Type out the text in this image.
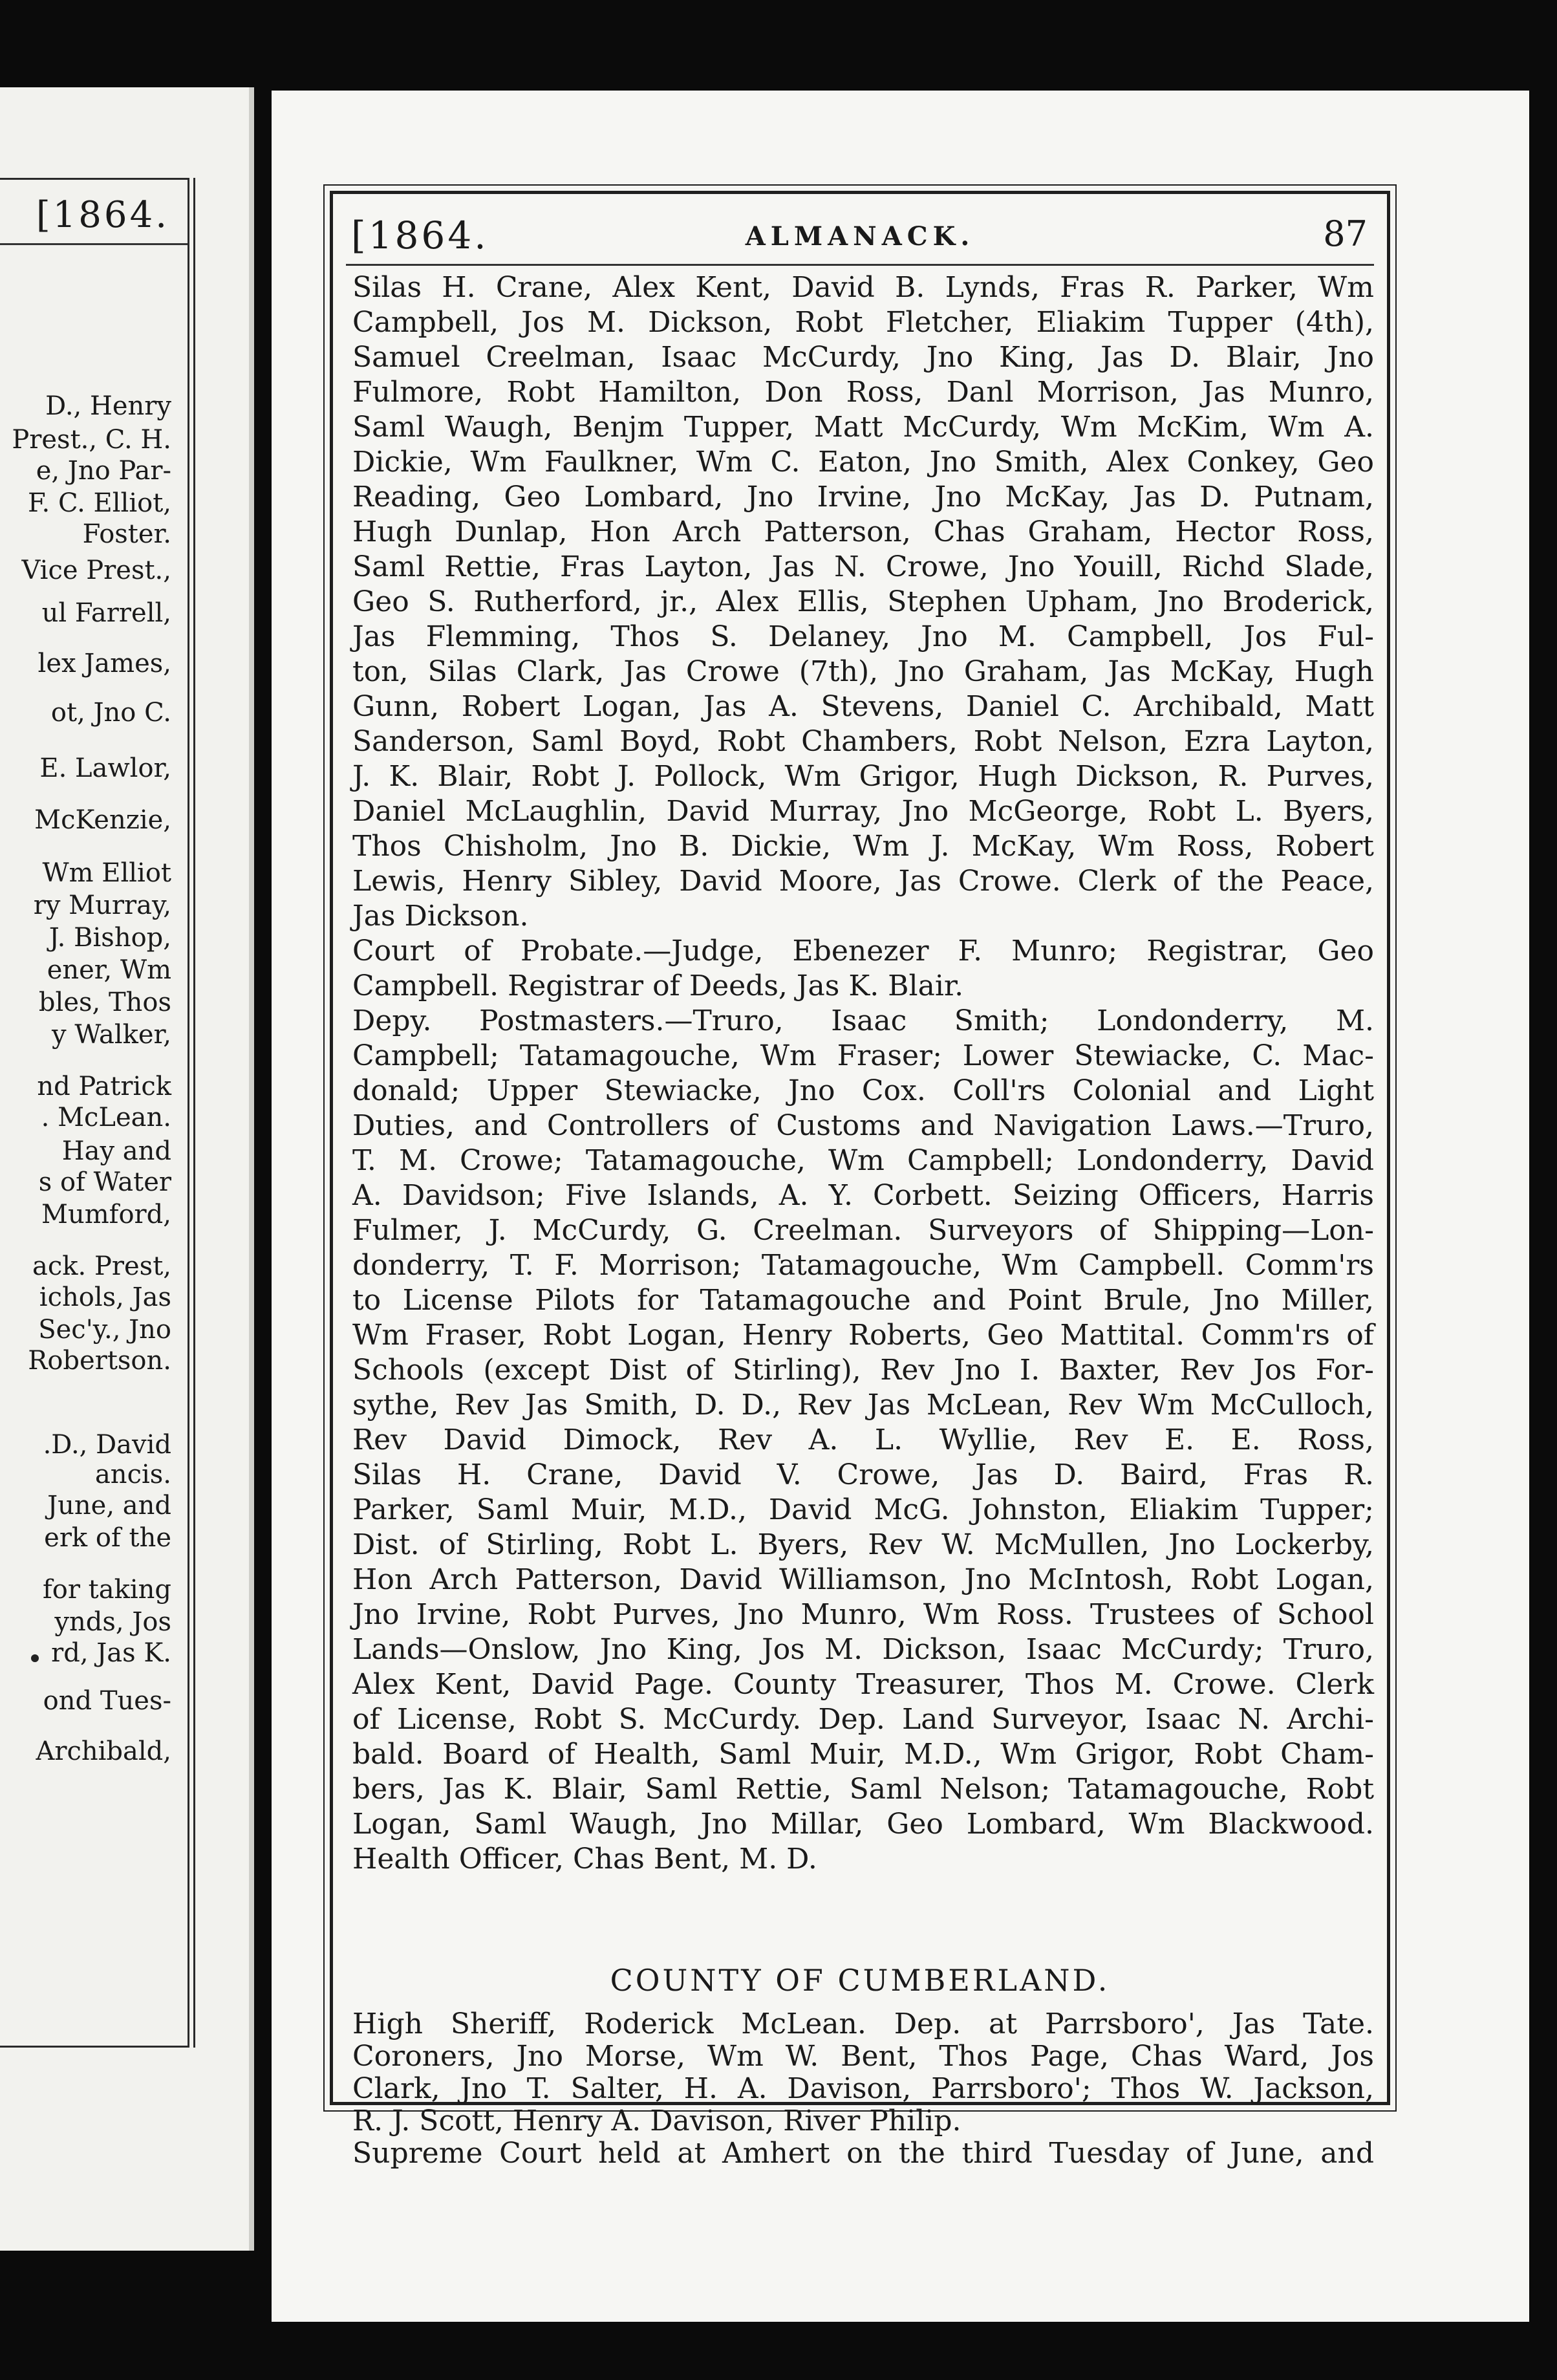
[1864.
D., Henry
Prest., C. H.
e, Jno Par-
F. C. Elliot,
Foster.
Vice Prest.,
ul Farrell,
lex James,
ot, Jno C.
E. Lawlor,
McKenzie,
Wm Elliot
ry Murray,
J. Bishop,
ener, Wm
bles, Thos
y Walker,
nd Patrick
. McLean.
Hay and
s of Water
Mumford,
ack. Prest,
ichols, Jas
Sec'y., Jno
Robertson.
.D., David
ancis.
June, and
erk of the
for taking
ynds, Jos
rd, Jas K.
ond Tues-
Archibald,
[1864.	ALMANACK.	87
Silas H. Crane, Alex Kent, David B. Lynds, Fras R. Parker, Wm
Campbell, Jos M. Dickson, Robt Fletcher, Eliakim Tupper (4th),
Samuel Creelman, Isaac McCurdy, Jno King, Jas D. Blair, Jno
Fulmore, Robt Hamilton, Don Ross, Danl Morrison, Jas Munro,
Saml Waugh, Benjm Tupper, Matt McCurdy, Wm McKim, Wm A.
Dickie, Wm Faulkner, Wm C. Eaton, Jno Smith, Alex Conkey, Geo
Reading, Geo Lombard, Jno Irvine, Jno McKay, Jas D. Putnam,
Hugh Dunlap, Hon Arch Patterson, Chas Graham, Hector Ross,
Saml Rettie, Fras Layton, Jas N. Crowe, Jno Youill, Richd Slade,
Geo S. Rutherford, jr., Alex Ellis, Stephen Upham, Jno Broderick,
Jas Flemming, Thos S. Delaney, Jno M. Campbell, Jos Ful-
ton, Silas Clark, Jas Crowe (7th), Jno Graham, Jas McKay, Hugh
Gunn, Robert Logan, Jas A. Stevens, Daniel C. Archibald, Matt
Sanderson, Saml Boyd, Robt Chambers, Robt Nelson, Ezra Layton,
J. K. Blair, Robt J. Pollock, Wm Grigor, Hugh Dickson, R. Purves,
Daniel McLaughlin, David Murray, Jno McGeorge, Robt L. Byers,
Thos Chisholm, Jno B. Dickie, Wm J. McKay, Wm Ross, Robert
Lewis, Henry Sibley, David Moore, Jas Crowe. Clerk of the Peace,
Jas Dickson.
Court of Probate.—Judge, Ebenezer F. Munro; Registrar, Geo
Campbell. Registrar of Deeds, Jas K. Blair.
Depy. Postmasters.—Truro, Isaac Smith; Londonderry, M.
Campbell; Tatamagouche, Wm Fraser; Lower Stewiacke, C. Mac-
donald; Upper Stewiacke, Jno Cox. Coll'rs Colonial and Light
Duties, and Controllers of Customs and Navigation Laws.—Truro,
T. M. Crowe; Tatamagouche, Wm Campbell; Londonderry, David
A. Davidson; Five Islands, A. Y. Corbett. Seizing Officers, Harris
Fulmer, J. McCurdy, G. Creelman. Surveyors of Shipping—Lon-
donderry, T. F. Morrison; Tatamagouche, Wm Campbell. Comm'rs
to License Pilots for Tatamagouche and Point Brule, Jno Miller,
Wm Fraser, Robt Logan, Henry Roberts, Geo Mattital. Comm'rs of
Schools (except Dist of Stirling), Rev Jno I. Baxter, Rev Jos For-
sythe, Rev Jas Smith, D. D., Rev Jas McLean, Rev Wm McCulloch,
Rev David Dimock, Rev A. L. Wyllie, Rev E. E. Ross,
Silas H. Crane, David V. Crowe, Jas D. Baird, Fras R.
Parker, Saml Muir, M.D., David McG. Johnston, Eliakim Tupper;
Dist. of Stirling, Robt L. Byers, Rev W. McMullen, Jno Lockerby,
Hon Arch Patterson, David Williamson, Jno McIntosh, Robt Logan,
Jno Irvine, Robt Purves, Jno Munro, Wm Ross. Trustees of School
Lands—Onslow, Jno King, Jos M. Dickson, Isaac McCurdy; Truro,
Alex Kent, David Page. County Treasurer, Thos M. Crowe. Clerk
of License, Robt S. McCurdy. Dep. Land Surveyor, Isaac N. Archi-
bald. Board of Health, Saml Muir, M.D., Wm Grigor, Robt Cham-
bers, Jas K. Blair, Saml Rettie, Saml Nelson; Tatamagouche, Robt
Logan, Saml Waugh, Jno Millar, Geo Lombard, Wm Blackwood.
Health Officer, Chas Bent, M. D.
COUNTY OF CUMBERLAND.
High Sheriff, Roderick McLean. Dep. at Parrsboro', Jas Tate.
Coroners, Jno Morse, Wm W. Bent, Thos Page, Chas Ward, Jos
Clark, Jno T. Salter, H. A. Davison, Parrsboro'; Thos W. Jackson,
R. J. Scott, Henry A. Davison, River Philip.
Supreme Court held at Amhert on the third Tuesday of June, and
